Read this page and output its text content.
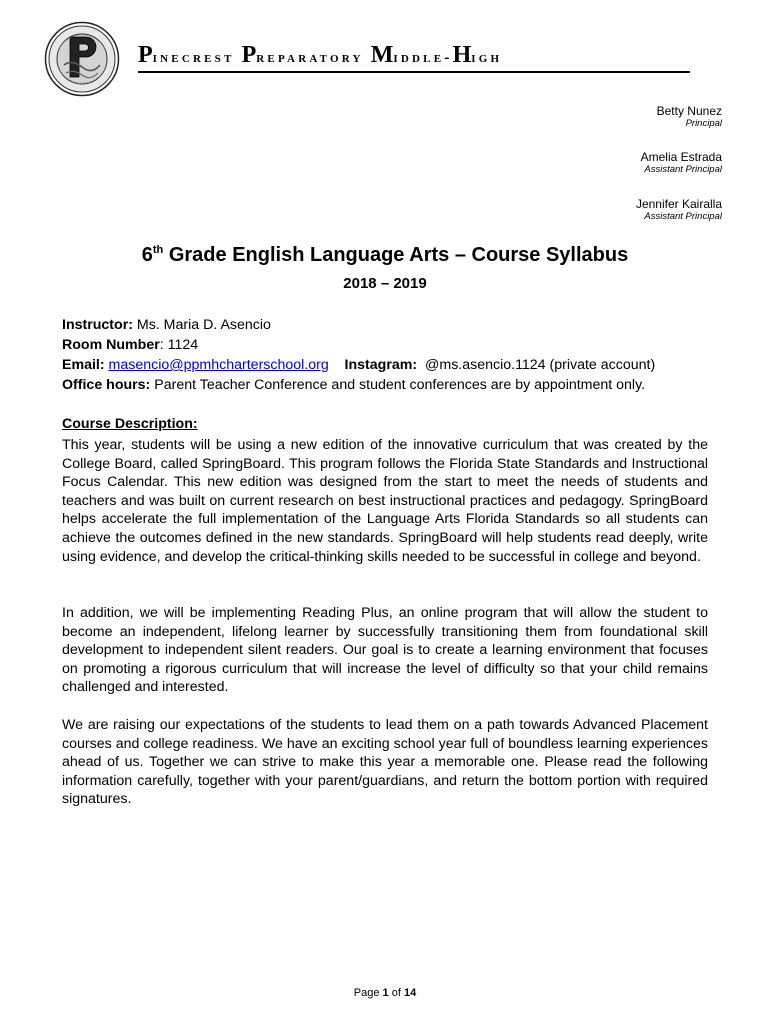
Pinecrest Preparatory Middle-High
Betty Nunez
Principal
Amelia Estrada
Assistant Principal
Jennifer Kairalla
Assistant Principal
6th Grade English Language Arts – Course Syllabus
2018 – 2019
Instructor: Ms. Maria D. Asencio
Room Number: 1124
Email: masencio@ppmhcharterschool.org Instagram: @ms.asencio.1124 (private account)
Office hours: Parent Teacher Conference and student conferences are by appointment only.
Course Description:

This year, students will be using a new edition of the innovative curriculum that was created by the College Board, called SpringBoard. This program follows the Florida State Standards and Instructional Focus Calendar. This new edition was designed from the start to meet the needs of students and teachers and was built on current research on best instructional practices and pedagogy. SpringBoard helps accelerate the full implementation of the Language Arts Florida Standards so all students can achieve the outcomes defined in the new standards. SpringBoard will help students read deeply, write using evidence, and develop the critical-thinking skills needed to be successful in college and beyond.

In addition, we will be implementing Reading Plus, an online program that will allow the student to become an independent, lifelong learner by successfully transitioning them from foundational skill development to independent silent readers. Our goal is to create a learning environment that focuses on promoting a rigorous curriculum that will increase the level of difficulty so that your child remains challenged and interested.

We are raising our expectations of the students to lead them on a path towards Advanced Placement courses and college readiness. We have an exciting school year full of boundless learning experiences ahead of us. Together we can strive to make this year a memorable one. Please read the following information carefully, together with your parent/guardians, and return the bottom portion with required signatures.

Page 1 of 14
